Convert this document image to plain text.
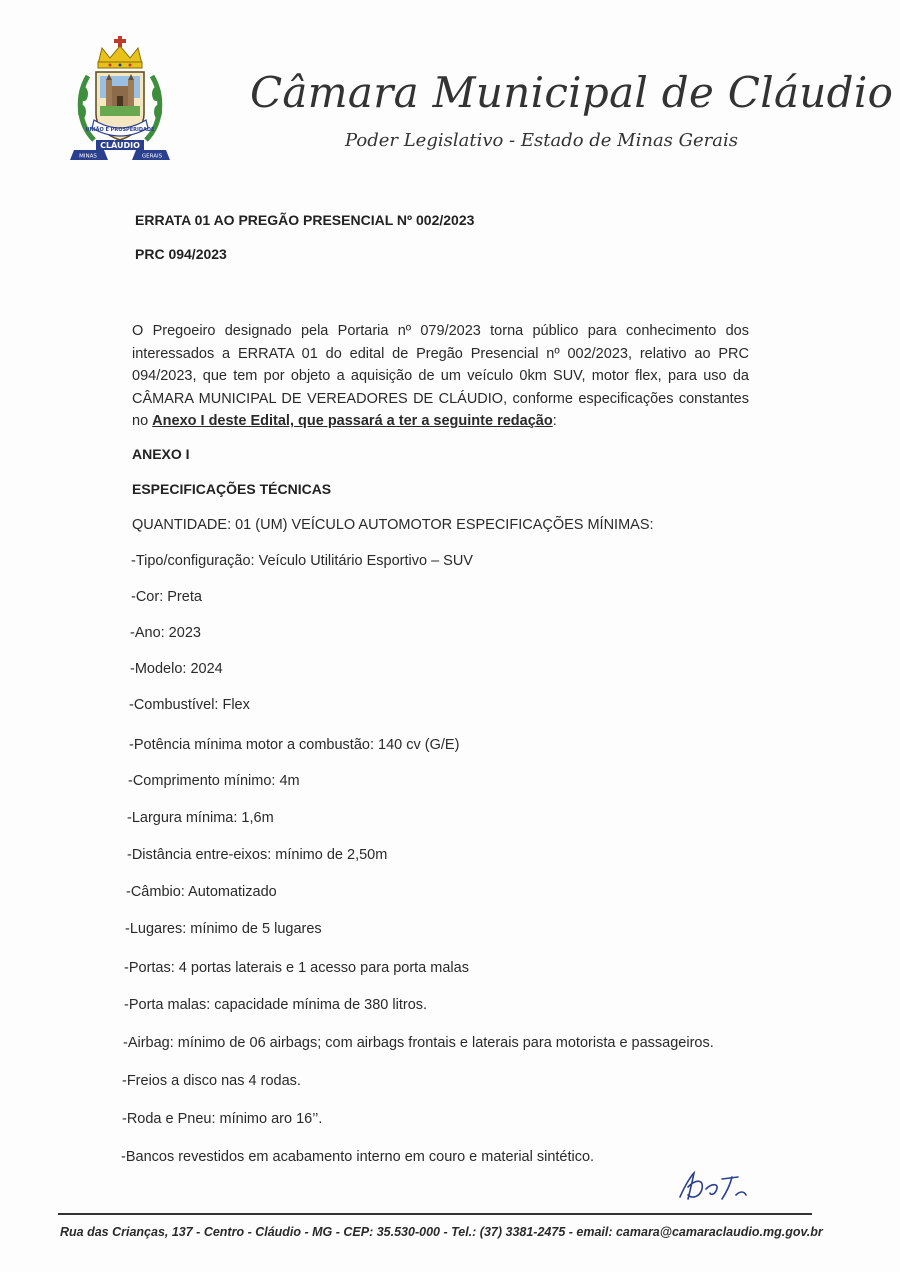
UNIÃO E PROSPERIDADE
CLÁUDIO
MINAS	GERAIS
Câmara Municipal de Cláudio
Poder Legislativo - Estado de Minas Gerais
ERRATA 01 AO PREGÃO PRESENCIAL Nº 002/2023
PRC 094/2023
O Pregoeiro designado pela Portaria nº 079/2023 torna público para conhecimento dos interessados a ERRATA 01 do edital de Pregão Presencial nº 002/2023, relativo ao PRC 094/2023, que tem por objeto a aquisição de um veículo 0km SUV, motor flex, para uso da CÂMARA MUNICIPAL DE VEREADORES DE CLÁUDIO, conforme especificações constantes no Anexo I deste Edital, que passará a ter a seguinte redação:
ANEXO I
ESPECIFICAÇÕES TÉCNICAS
QUANTIDADE: 01 (UM) VEÍCULO AUTOMOTOR ESPECIFICAÇÕES MÍNIMAS:
-Tipo/configuração: Veículo Utilitário Esportivo – SUV
-Cor: Preta
-Ano: 2023
-Modelo: 2024
-Combustível: Flex
-Potência mínima motor a combustão: 140 cv (G/E)
-Comprimento mínimo: 4m
-Largura mínima: 1,6m
-Distância entre-eixos: mínimo de 2,50m
-Câmbio: Automatizado
-Lugares: mínimo de 5 lugares
-Portas: 4 portas laterais e 1 acesso para porta malas
-Porta malas: capacidade mínima de 380 litros.
-Airbag: mínimo de 06 airbags; com airbags frontais e laterais para motorista e passageiros.
-Freios a disco nas 4 rodas.
-Roda e Pneu: mínimo aro 16’’.
-Bancos revestidos em acabamento interno em couro e material sintético.
Rua das Crianças, 137 - Centro - Cláudio - MG - CEP: 35.530-000 - Tel.: (37) 3381-2475 - email: camara@camaraclaudio.mg.gov.br
